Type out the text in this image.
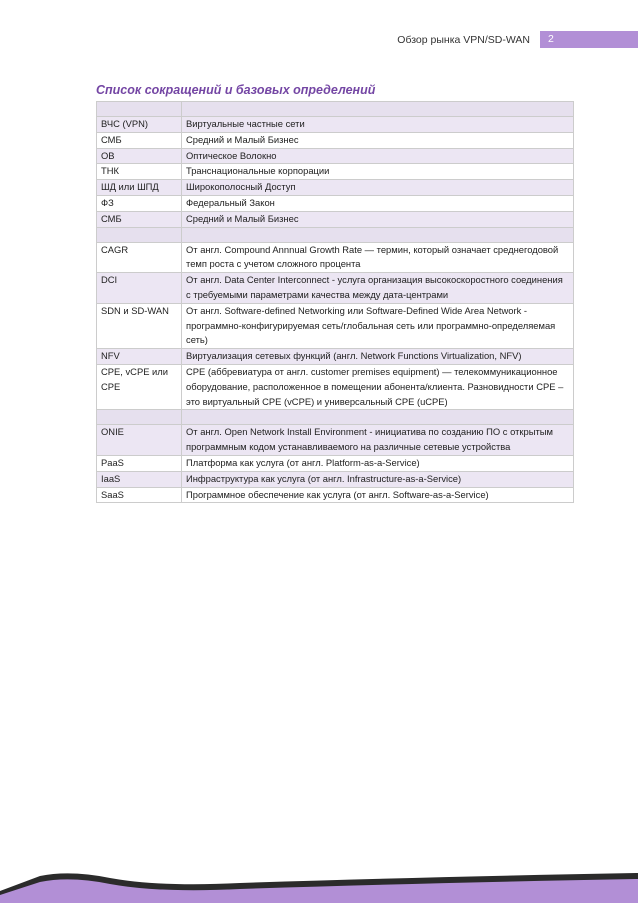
Обзор рынка VPN/SD-WAN	2
Список сокращений и базовых определений

ВЧС (VPN)	Виртуальные частные сети
СМБ	Средний и Малый Бизнес
ОВ	Оптическое Волокно
ТНК	Транснациональные корпорации
ШД или ШПД	Широкополосный Доступ
ФЗ	Федеральный Закон
СМБ	Средний и Малый Бизнес

CAGR	От англ. Compound Annnual Growth Rate — термин, который означает среднегодовой темп роста с учетом сложного процента
DCI	От англ. Data Center Interconnect - услуга организация высокоскоростного соединения с требуемыми параметрами качества между дата-центрами
SDN и SD-WAN	От англ. Software-defined Networking или Software-Defined Wide Area Network - программно-конфигурируемая сеть/глобальная сеть или программно-определяемая сеть)
NFV	Виртуализация сетевых функций (англ. Network Functions Virtualization, NFV)
CPE, vCPE или CPE	CPE (аббревиатура от англ. customer premises equipment) — телекоммуникационное оборудование, расположенное в помещении абонента/клиента. Разновидности CPE – это виртуальный CPE (vCPE) и универсальный CPE (uCPE)

ONIE	От англ. Open Network Install Environment - инициатива по созданию ПО с открытым программным кодом устанавливаемого на различные сетевые устройства
PaaS	Платформа как услуга (от англ. Platform-as-a-Service)
IaaS	Инфраструктура как услуга (от англ. Infrastructure-as-a-Service)
SaaS	Программное обеспечение как услуга (от англ. Software-as-a-Service)
